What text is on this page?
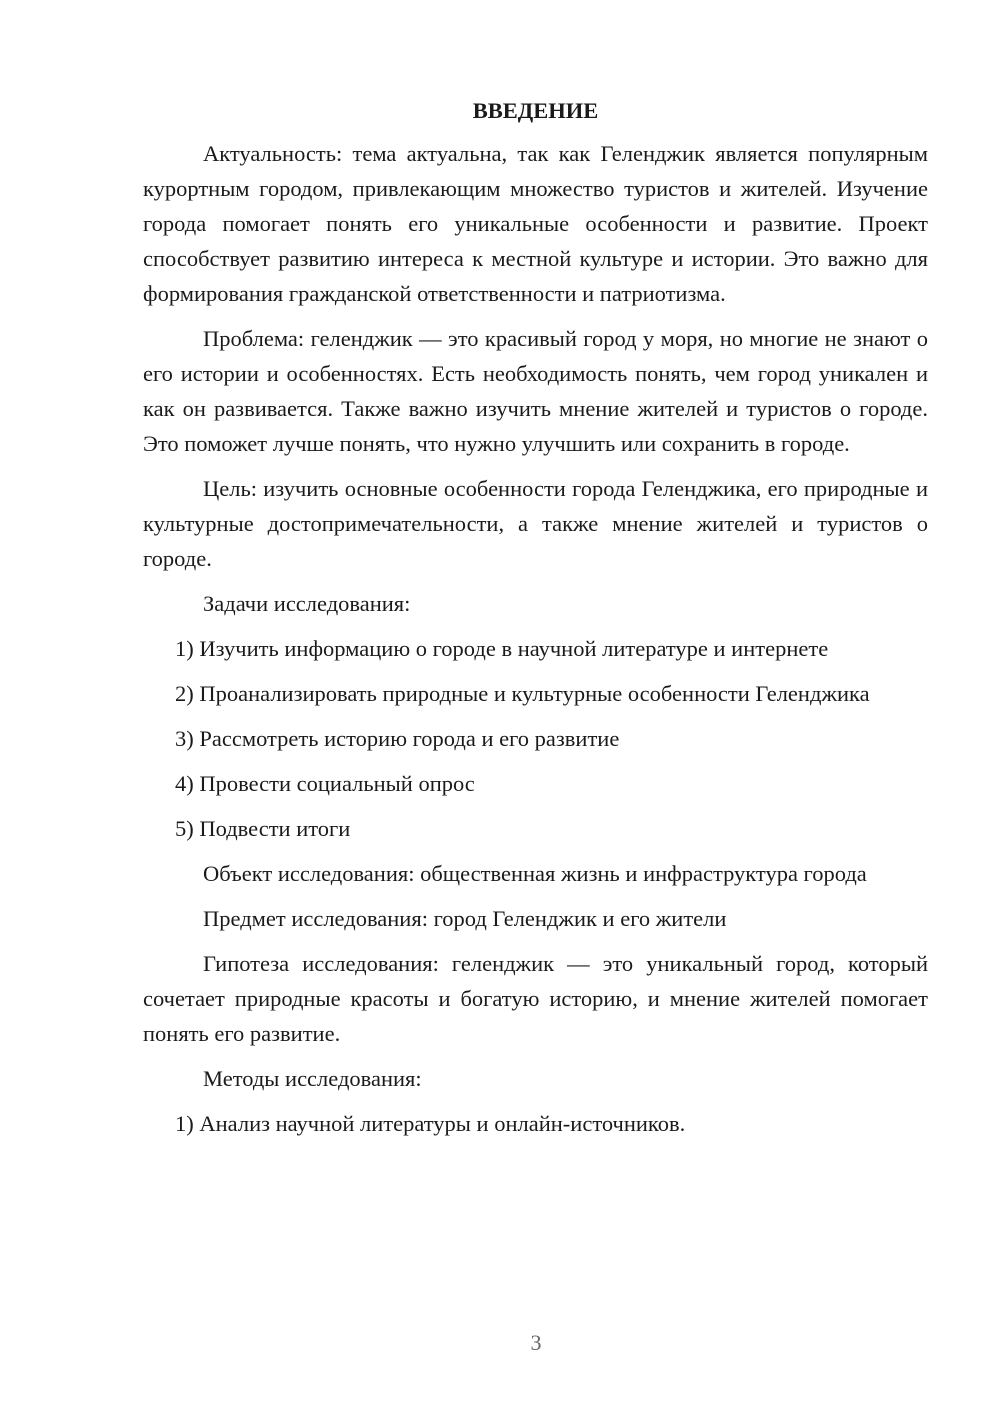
ВВЕДЕНИЕ

Актуальность: тема актуальна, так как Геленджик является популярным курортным городом, привлекающим множество туристов и жителей. Изучение города помогает понять его уникальные особенности и развитие. Проект способствует развитию интереса к местной культуре и истории. Это важно для формирования гражданской ответственности и патриотизма.

Проблема: геленджик — это красивый город у моря, но многие не знают о его истории и особенностях. Есть необходимость понять, чем город уникален и как он развивается. Также важно изучить мнение жителей и туристов о городе. Это поможет лучше понять, что нужно улучшить или сохранить в городе.

Цель: изучить основные особенности города Геленджика, его природные и культурные достопримечательности, а также мнение жителей и туристов о городе.

Задачи исследования:

1) Изучить информацию о городе в научной литературе и интернете

2) Проанализировать природные и культурные особенности Геленджика

3) Рассмотреть историю города и его развитие

4) Провести социальный опрос

5) Подвести итоги

Объект исследования: общественная жизнь и инфраструктура города

Предмет исследования: город Геленджик и его жители

Гипотеза исследования: геленджик — это уникальный город, который сочетает природные красоты и богатую историю, и мнение жителей помогает понять его развитие.

Методы исследования:

1) Анализ научной литературы и онлайн-источников.

3
